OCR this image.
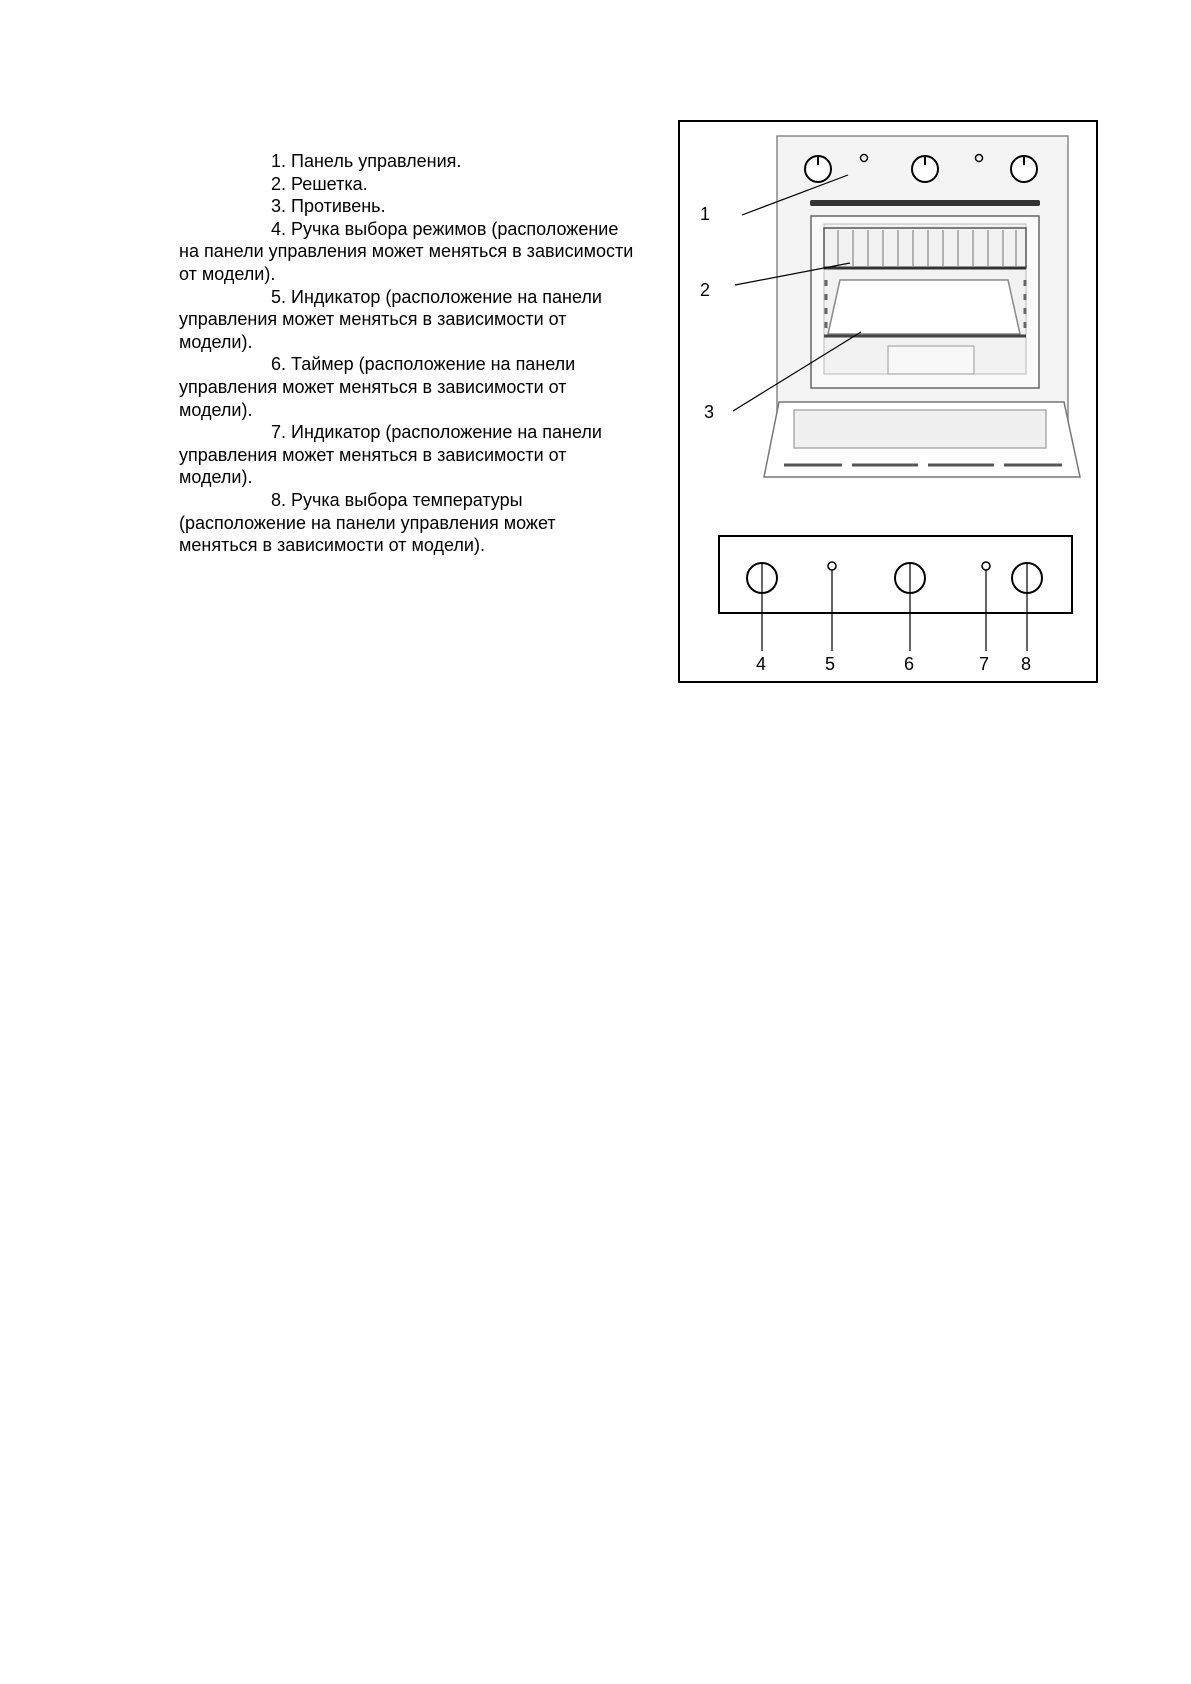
1. Панель управления.

2. Решетка.

3. Противень.

4. Ручка выбора режимов (расположение на панели управления может меняться в зависимости от модели).

5. Индикатор (расположение на панели управления может меняться в зависимости от модели).

6. Таймер (расположение на панели управления может меняться в зависимости от модели).

7. Индикатор (расположение на панели управления может меняться в зависимости от модели).

8. Ручка выбора температуры (расположение на панели управления может меняться в зависимости от модели).

1
2
3
4	5	6	7 8
